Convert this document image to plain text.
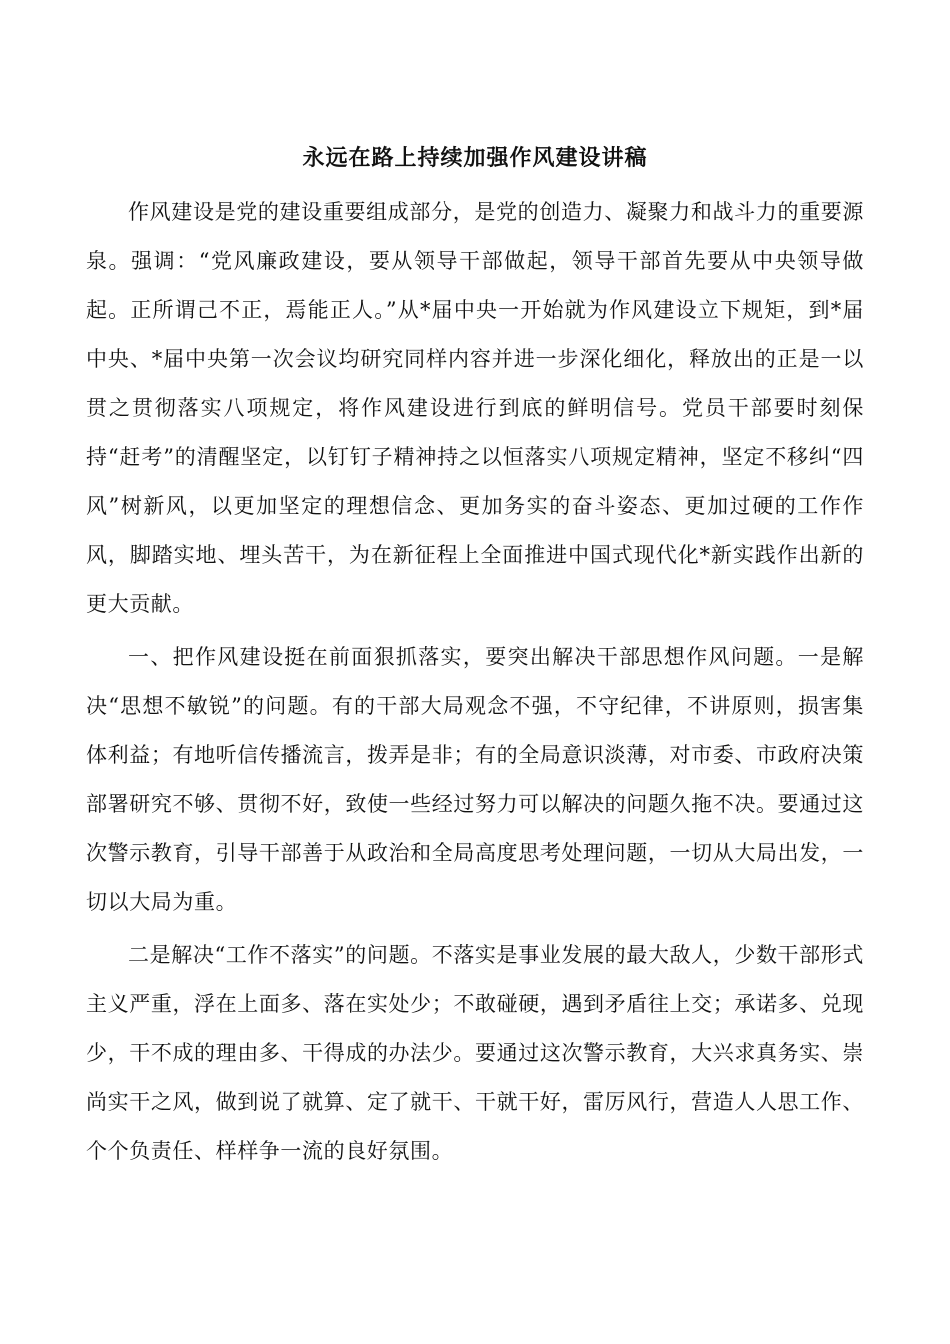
永远在路上持续加强作风建设讲稿

作风建设是党的建设重要组成部分，是党的创造力、凝聚力和战斗力的重要源泉。强调：“党风廉政建设，要从领导干部做起，领导干部首先要从中央领导做起。正所谓己不正，焉能正人。”从*届中央一开始就为作风建设立下规矩，到*届中央、*届中央第一次会议均研究同样内容并进一步深化细化，释放出的正是一以贯之贯彻落实八项规定，将作风建设进行到底的鲜明信号。党员干部要时刻保持“赶考”的清醒坚定，以钉钉子精神持之以恒落实八项规定精神，坚定不移纠“四风”树新风，以更加坚定的理想信念、更加务实的奋斗姿态、更加过硬的工作作风，脚踏实地、埋头苦干，为在新征程上全面推进中国式现代化*新实践作出新的更大贡献。

一、把作风建设挺在前面狠抓落实，要突出解决干部思想作风问题。一是解决“思想不敏锐”的问题。有的干部大局观念不强，不守纪律，不讲原则，损害集体利益；有地听信传播流言，拨弄是非；有的全局意识淡薄，对市委、市政府决策部署研究不够、贯彻不好，致使一些经过努力可以解决的问题久拖不决。要通过这次警示教育，引导干部善于从政治和全局高度思考处理问题，一切从大局出发，一切以大局为重。

二是解决“工作不落实”的问题。不落实是事业发展的最大敌人，少数干部形式主义严重，浮在上面多、落在实处少；不敢碰硬，遇到矛盾往上交；承诺多、兑现少，干不成的理由多、干得成的办法少。要通过这次警示教育，大兴求真务实、崇尚实干之风，做到说了就算、定了就干、干就干好，雷厉风行，营造人人思工作、个个负责任、样样争一流的良好氛围。
